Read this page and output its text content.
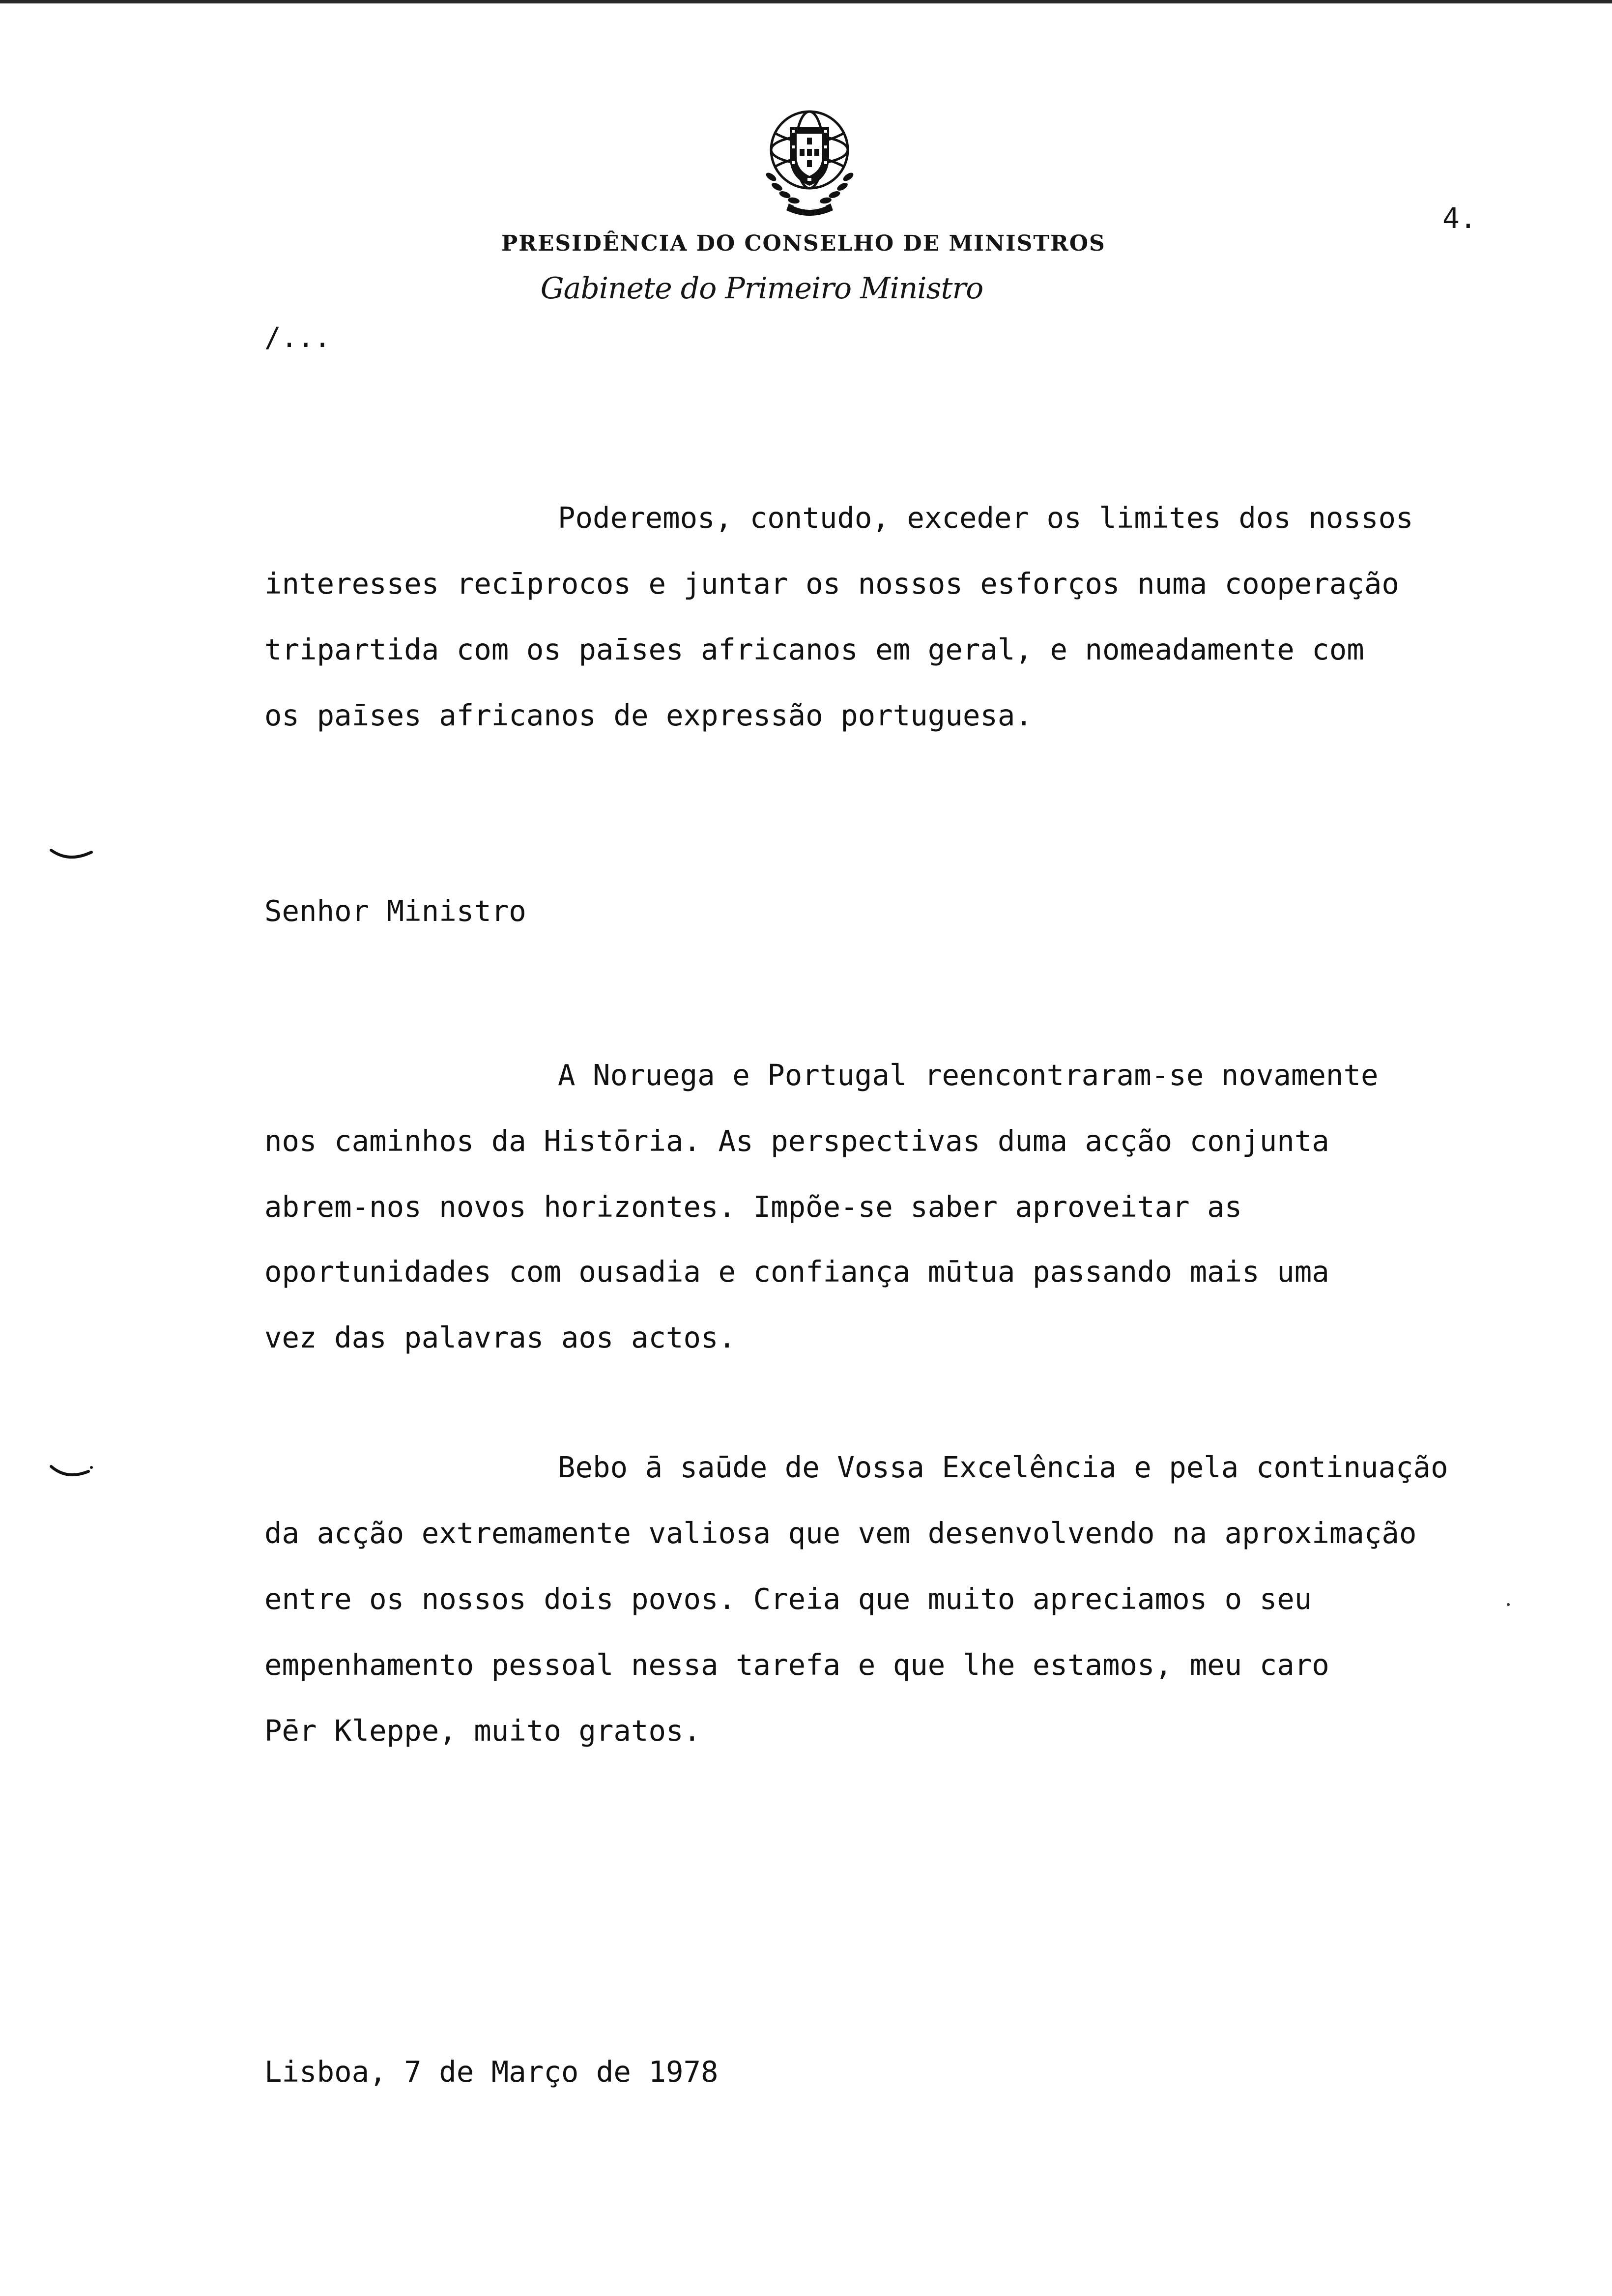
PRESIDÊNCIA DO CONSELHO DE MINISTROS
Gabinete do Primeiro Ministro
4.
/...
Poderemos, contudo, exceder os limites dos nossos
interesses recīprocos e juntar os nossos esforços numa cooperação
tripartida com os paīses africanos em geral, e nomeadamente com
os paīses africanos de expressão portuguesa.
Senhor Ministro
A Noruega e Portugal reencontraram-se novamente
nos caminhos da Histōria. As perspectivas duma acção conjunta
abrem-nos novos horizontes. Impõe-se saber aproveitar as
oportunidades com ousadia e confiança mūtua passando mais uma
vez das palavras aos actos.
Bebo ā saūde de Vossa Excelência e pela continuação
da acção extremamente valiosa que vem desenvolvendo na aproximação
entre os nossos dois povos. Creia que muito apreciamos o seu
empenhamento pessoal nessa tarefa e que lhe estamos, meu caro
Pēr Kleppe, muito gratos.
Lisboa, 7 de Março de 1978
